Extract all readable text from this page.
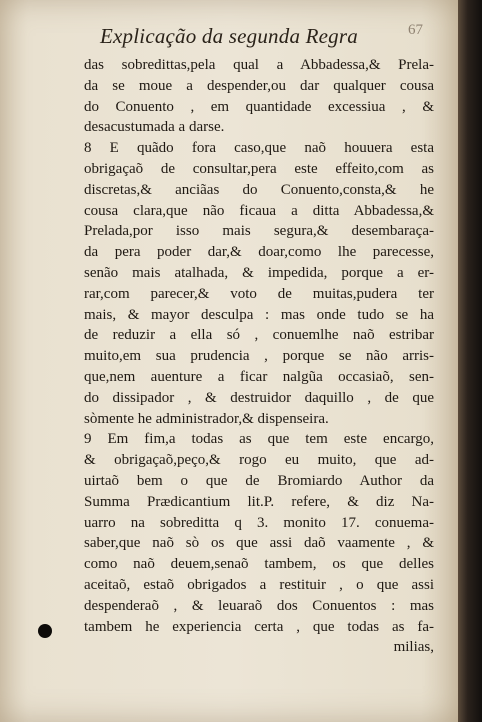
Explicação da segunda Regra	67
das sobredittas,pela qual a Abbadessa,& Prela-
da se moue a despender,ou dar qualquer cousa
do Conuento , em quantidade excessiua , &
desacustumada a darse.
8 E quãdo fora caso,que naõ houuera esta
obrigaçaõ de consultar,pera este effeito,com as
discretas,& anciãas do Conuento,consta,& he
cousa clara,que não ficaua a ditta Abbadessa,&
Prelada,por isso mais segura,& desembaraça-
da pera poder dar,& doar,como lhe parecesse,
senão mais atalhada, & impedida, porque a er-
rar,com parecer,& voto de muitas,pudera ter
mais, & mayor desculpa : mas onde tudo se ha
de reduzir a ella só , conuemlhe naõ estribar
muito,em sua prudencia , porque se não arris-
que,nem auenture a ficar nalgũa occasiaõ, sen-
do dissipador , & destruidor daquillo , de que
sòmente he administrador,& dispenseira.
9 Em fim,a todas as que tem este encargo,
& obrigaçaõ,peço,& rogo eu muito, que ad-
uirtaõ bem o que de Bromiardo Author da
Summa Prædicantium lit.P. refere, & diz Na-
uarro na sobreditta q 3. monito 17. conuema-
saber,que naõ sò os que assi daõ vaamente , &
como naõ deuem,senaõ tambem, os que delles
aceitaõ, estaõ obrigados a restituir , o que assi
despenderaõ , & leuaraõ dos Conuentos : mas
tambem he experiencia certa , que todas as fa-
milias,
